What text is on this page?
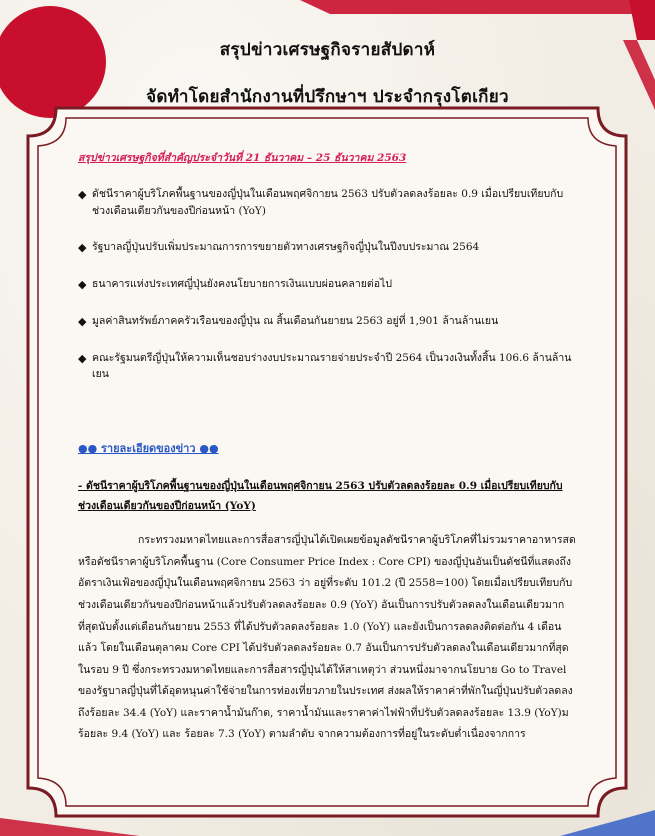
สรุปข่าวเศรษฐกิจรายสัปดาห์
จัดทำโดยสำนักงานที่ปรึกษาฯ ประจำกรุงโตเกียว
สรุปข่าวเศรษฐกิจที่สำคัญประจำวันที่ 21 ธันวาคม – 25 ธันวาคม 2563
◆ ดัชนีราคาผู้บริโภคพื้นฐานของญี่ปุ่นในเดือนพฤศจิกายน 2563 ปรับตัวลดลงร้อยละ 0.9 เมื่อเปรียบเทียบกับช่วงเดือนเดียวกันของปีก่อนหน้า (YoY)
◆ รัฐบาลญี่ปุ่นปรับเพิ่มประมาณการการขยายตัวทางเศรษฐกิจญี่ปุ่นในปีงบประมาณ 2564
◆ ธนาคารแห่งประเทศญี่ปุ่นยังคงนโยบายการเงินแบบผ่อนคลายต่อไป
◆ มูลค่าสินทรัพย์ภาคครัวเรือนของญี่ปุ่น ณ สิ้นเดือนกันยายน 2563 อยู่ที่ 1,901 ล้านล้านเยน
◆ คณะรัฐมนตรีญี่ปุ่นให้ความเห็นชอบร่างงบประมาณรายจ่ายประจำปี 2564 เป็นวงเงินทั้งสิ้น 106.6 ล้านล้านเยน
●● รายละเอียดของข่าว ●●
- ดัชนีราคาผู้บริโภคพื้นฐานของญี่ปุ่นในเดือนพฤศจิกายน 2563 ปรับตัวลดลงร้อยละ 0.9 เมื่อเปรียบเทียบกับช่วงเดือนเดียวกันของปีก่อนหน้า (YoY)
กระทรวงมหาดไทยและการสื่อสารญี่ปุ่นได้เปิดเผยข้อมูลดัชนีราคาผู้บริโภคที่ไม่รวมราคาอาหารสดหรือดัชนีราคาผู้บริโภคพื้นฐาน (Core Consumer Price Index : Core CPI) ของญี่ปุ่นอันเป็นดัชนีที่แสดงถึงอัตราเงินเฟ้อของญี่ปุ่นในเดือนพฤศจิกายน 2563 ว่า อยู่ที่ระดับ 101.2 (ปี 2558=100) โดยเมื่อเปรียบเทียบกับช่วงเดือนเดียวกันของปีก่อนหน้าแล้วปรับตัวลดลงร้อยละ 0.9 (YoY) อันเป็นการปรับตัวลดลงในเดือนเดียวมากที่สุดนับตั้งแต่เดือนกันยายน 2553 ที่ได้ปรับตัวลดลงร้อยละ 1.0 (YoY) และยังเป็นการลดลงติดต่อกัน 4 เดือนแล้ว โดยในเดือนตุลาคม Core CPI ได้ปรับตัวลดลงร้อยละ 0.7 อันเป็นการปรับตัวลดลงในเดือนเดียวมากที่สุดในรอบ 9 ปี ซึ่งกระทรวงมหาดไทยและการสื่อสารญี่ปุ่นได้ให้สาเหตุว่า ส่วนหนึ่งมาจากนโยบาย Go to Travel ของรัฐบาลญี่ปุ่นที่ได้อุดหนุนค่าใช้จ่ายในการท่องเที่ยวภายในประเทศ ส่งผลให้ราคาค่าที่พักในญี่ปุ่นปรับตัวลดลงถึงร้อยละ 34.4 (YoY) และราคาน้ำมันก๊าด, ราคาน้ำมันและราคาค่าไฟฟ้าที่ปรับตัวลดลงร้อยละ 13.9 (YoY)ม ร้อยละ 9.4 (YoY) และ ร้อยละ 7.3 (YoY) ตามลำดับ จากความต้องการที่อยู่ในระดับต่ำเนื่องจากการ
